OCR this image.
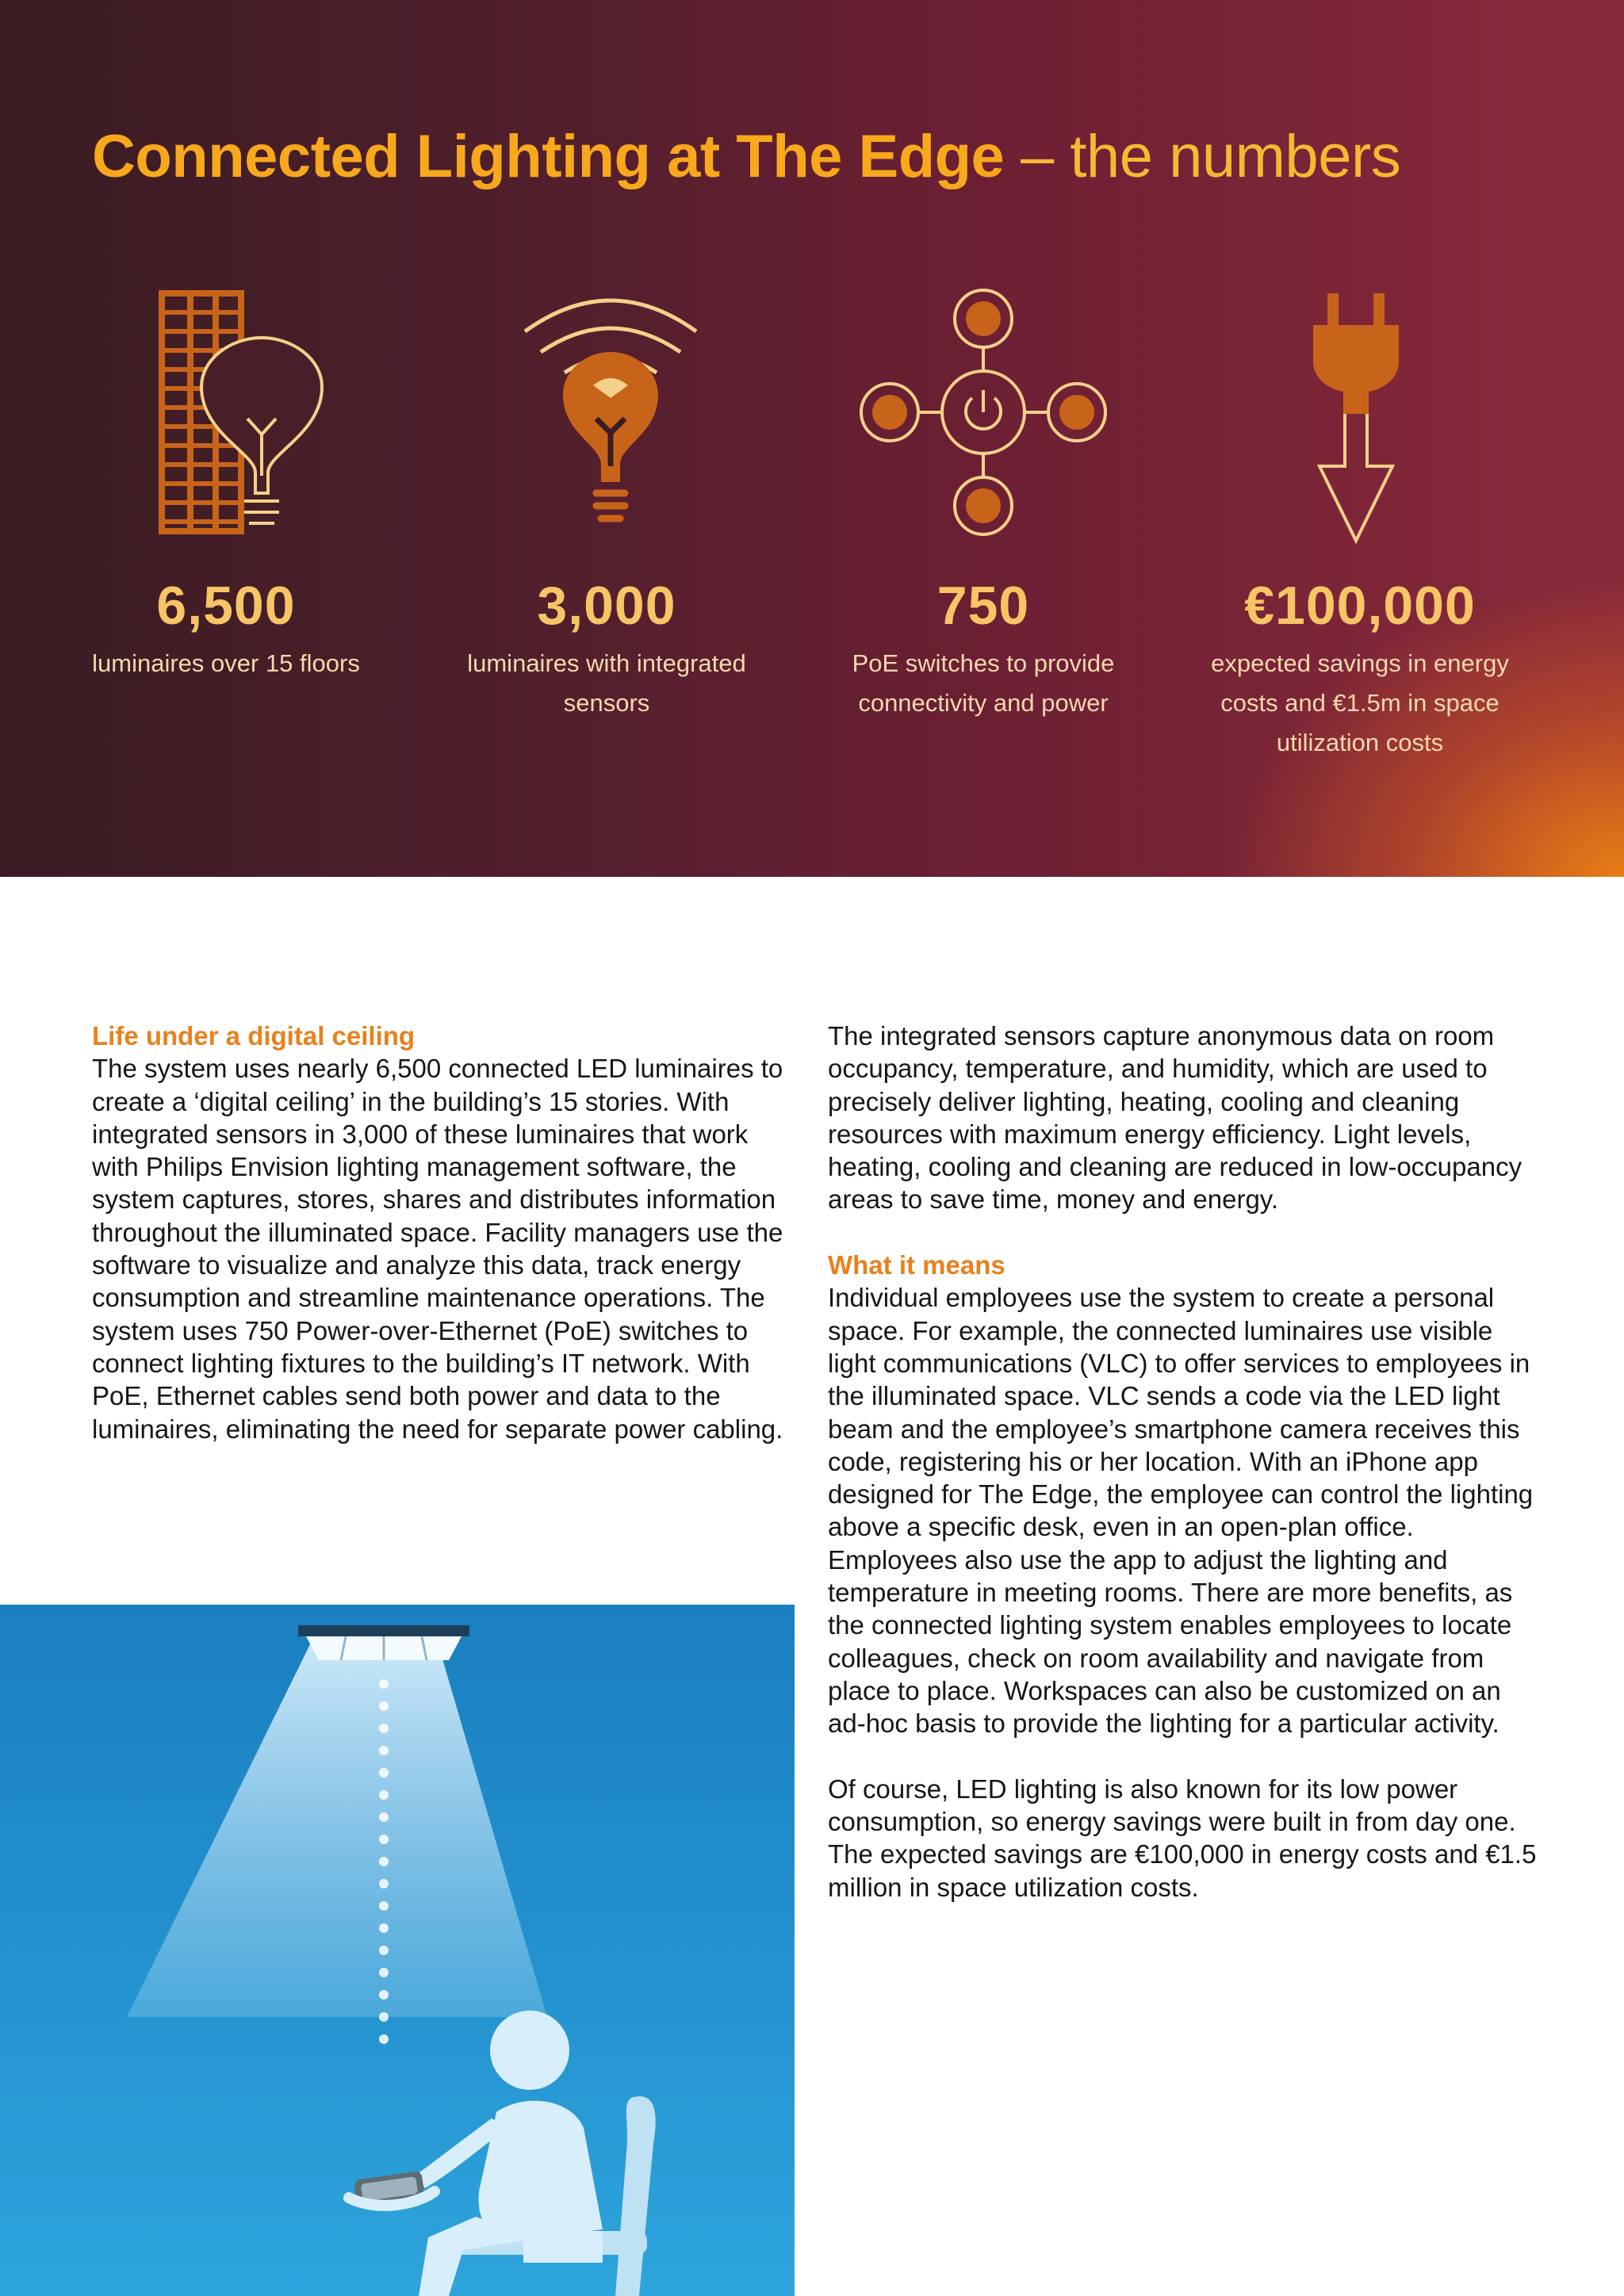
Connected Lighting at The Edge – the numbers
6,500
luminaires over 15 floors
3,000
luminaires with integrated sensors
750
PoE switches to provide connectivity and power
€100,000
expected savings in energy costs and €1.5m in space utilization costs

Life under a digital ceiling

The system uses nearly 6,500 connected LED luminaires to create a ‘digital ceiling’ in the building’s 15 stories. With integrated sensors in 3,000 of these luminaires that work with Philips Envision lighting management software, the system captures, stores, shares and distributes information throughout the illuminated space. Facility managers use the software to visualize and analyze this data, track energy consumption and streamline maintenance operations. The system uses 750 Power-over-Ethernet (PoE) switches to connect lighting fixtures to the building’s IT network. With PoE, Ethernet cables send both power and data to the luminaires, eliminating the need for separate power cabling.

The integrated sensors capture anonymous data on room occupancy, temperature, and humidity, which are used to precisely deliver lighting, heating, cooling and cleaning resources with maximum energy efficiency. Light levels, heating, cooling and cleaning are reduced in low-occupancy areas to save time, money and energy.

What it means

Individual employees use the system to create a personal space. For example, the connected luminaires use visible light communications (VLC) to offer services to employees in the illuminated space. VLC sends a code via the LED light beam and the employee’s smartphone camera receives this code, registering his or her location. With an iPhone app designed for The Edge, the employee can control the lighting above a specific desk, even in an open-plan office. Employees also use the app to adjust the lighting and temperature in meeting rooms. There are more benefits, as the connected lighting system enables employees to locate colleagues, check on room availability and navigate from place to place. Workspaces can also be customized on an ad-hoc basis to provide the lighting for a particular activity.

Of course, LED lighting is also known for its low power consumption, so energy savings were built in from day one. The expected savings are €100,000 in energy costs and €1.5 million in space utilization costs.
